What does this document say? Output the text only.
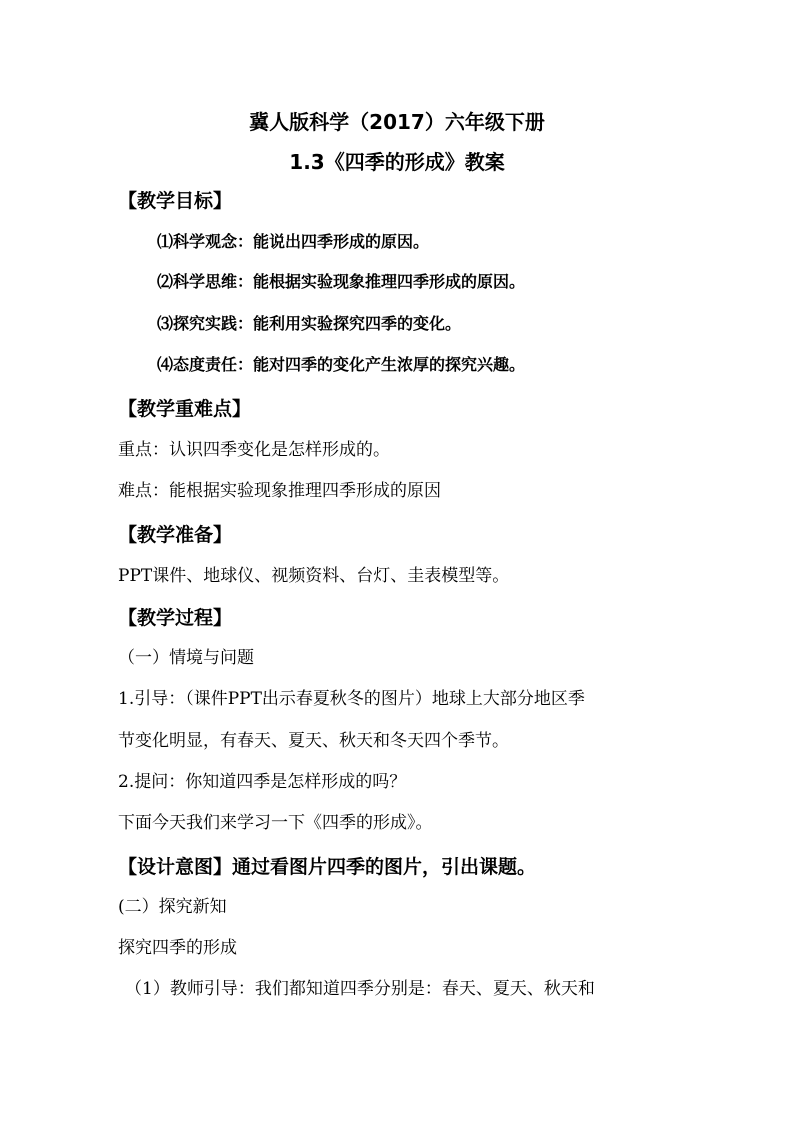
冀人版科学（2017）六年级下册
1.3《四季的形成》教案
【教学目标】
⑴科学观念：能说出四季形成的原因。
⑵科学思维：能根据实验现象推理四季形成的原因。
⑶探究实践：能利用实验探究四季的变化。
⑷态度责任：能对四季的变化产生浓厚的探究兴趣。
【教学重难点】
重点：认识四季变化是怎样形成的。
难点：能根据实验现象推理四季形成的原因
【教学准备】
PPT课件、地球仪、视频资料、台灯、圭表模型等。
【教学过程】
（一）情境与问题
1.引导：（课件PPT出示春夏秋冬的图片）地球上大部分地区季
节变化明显，有春天、夏天、秋天和冬天四个季节。
2.提问：你知道四季是怎样形成的吗？
下面今天我们来学习一下《四季的形成》。
【设计意图】通过看图片四季的图片，引出课题。
(二）探究新知
探究四季的形成
（1）教师引导：我们都知道四季分别是：春天、夏天、秋天和
